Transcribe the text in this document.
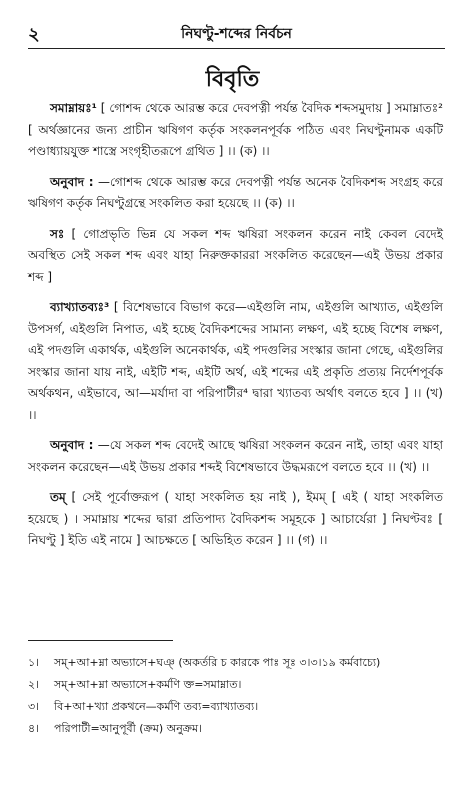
২	নিঘণ্টু-শব্দের নির্বচন
বিবৃতি

সমাম্নায়ঃ¹ [ গোশব্দ থেকে আরম্ভ করে দেবপত্নী পর্যন্ত বৈদিক শব্দসমুদায় ] সমাম্নাতঃ² [ অর্থজ্ঞানের জন্য প্রাচীন ঋষিগণ কর্তৃক সংকলনপূর্বক পঠিত এবং নিঘণ্টুনামক একটি পণ্ডাধ্যায়যুক্ত শাস্ত্রে সংগৃহীতরূপে গ্রথিত ] ।। (ক) ।।

অনুবাদ : —গোশব্দ থেকে আরম্ভ করে দেবপত্নী পর্যন্ত অনেক বৈদিকশব্দ সংগ্রহ করে ঋষিগণ কর্তৃক নিঘণ্টুগ্রন্থে সংকলিত করা হয়েছে ।। (ক) ।।

সঃ [ গোপ্রভৃতি ভিন্ন যে সকল শব্দ ঋষিরা সংকলন করেন নাই কেবল বেদেই অবস্থিত সেই সকল শব্দ এবং যাহা নিরুক্তকাররা সংকলিত করেছেন—এই উভয় প্রকার শব্দ ]

ব্যাখ্যাতব্যঃ³ [ বিশেষভাবে বিভাগ করে—এইগুলি নাম, এইগুলি আখ্যাত, এইগুলি উপসর্গ, এইগুলি নিপাত, এই হচ্ছে বৈদিকশব্দের সামান্য লক্ষণ, এই হচ্ছে বিশেষ লক্ষণ, এই পদগুলি একার্থক, এইগুলি অনেকার্থক, এই পদগুলির সংস্কার জানা গেছে, এইগুলির সংস্কার জানা যায় নাই, এইটি শব্দ, এইটি অর্থ, এই শব্দের এই প্রকৃতি প্রত্যয় নির্দেশপূর্বক অর্থকথন, এইভাবে, আ—মর্যাদা বা পরিপাটীর⁴ দ্বারা খ্যাতব্য অর্থাৎ বলতে হবে ] ।। (খ) ।।

অনুবাদ : —যে সকল শব্দ বেদেই আছে ঋষিরা সংকলন করেন নাই, তাহা এবং যাহা সংকলন করেছেন—এই উভয় প্রকার শব্দই বিশেষভাবে উদ্ধমরূপে বলতে হবে ।। (খ) ।।

তম্ [ সেই পূর্বোক্তরূপ ( যাহা সংকলিত হয় নাই ), ইমম্ [ এই ( যাহা সংকলিত হয়েছে ) । সমাম্নায় শব্দের দ্বারা প্রতিপাদ্য বৈদিকশব্দ সমূহকে ] আচার্যেরা ] নিঘণ্টবঃ [ নিঘণ্টু ] ইতি এই নামে ] আচক্ষতে [ অভিহিত করেন ] ।। (গ) ।।

১।	সম্+আ+ম্না অভ্যাসে+ঘঞ্ (অকর্তরি চ কারকে পাঃ সূঃ ৩।৩।১৯ কর্মবাচ্যে)
২।	সম্+আ+ম্না অভ্যাসে+কর্মণি ক্ত=সমাম্নাত।
৩।	বি+আ+খ্যা প্রকথনে—কর্মণি তব্য=ব্যাখ্যাতব্য।
৪।	পরিপাটী=আনুপূর্বী (ক্রম) অনুক্রম।
